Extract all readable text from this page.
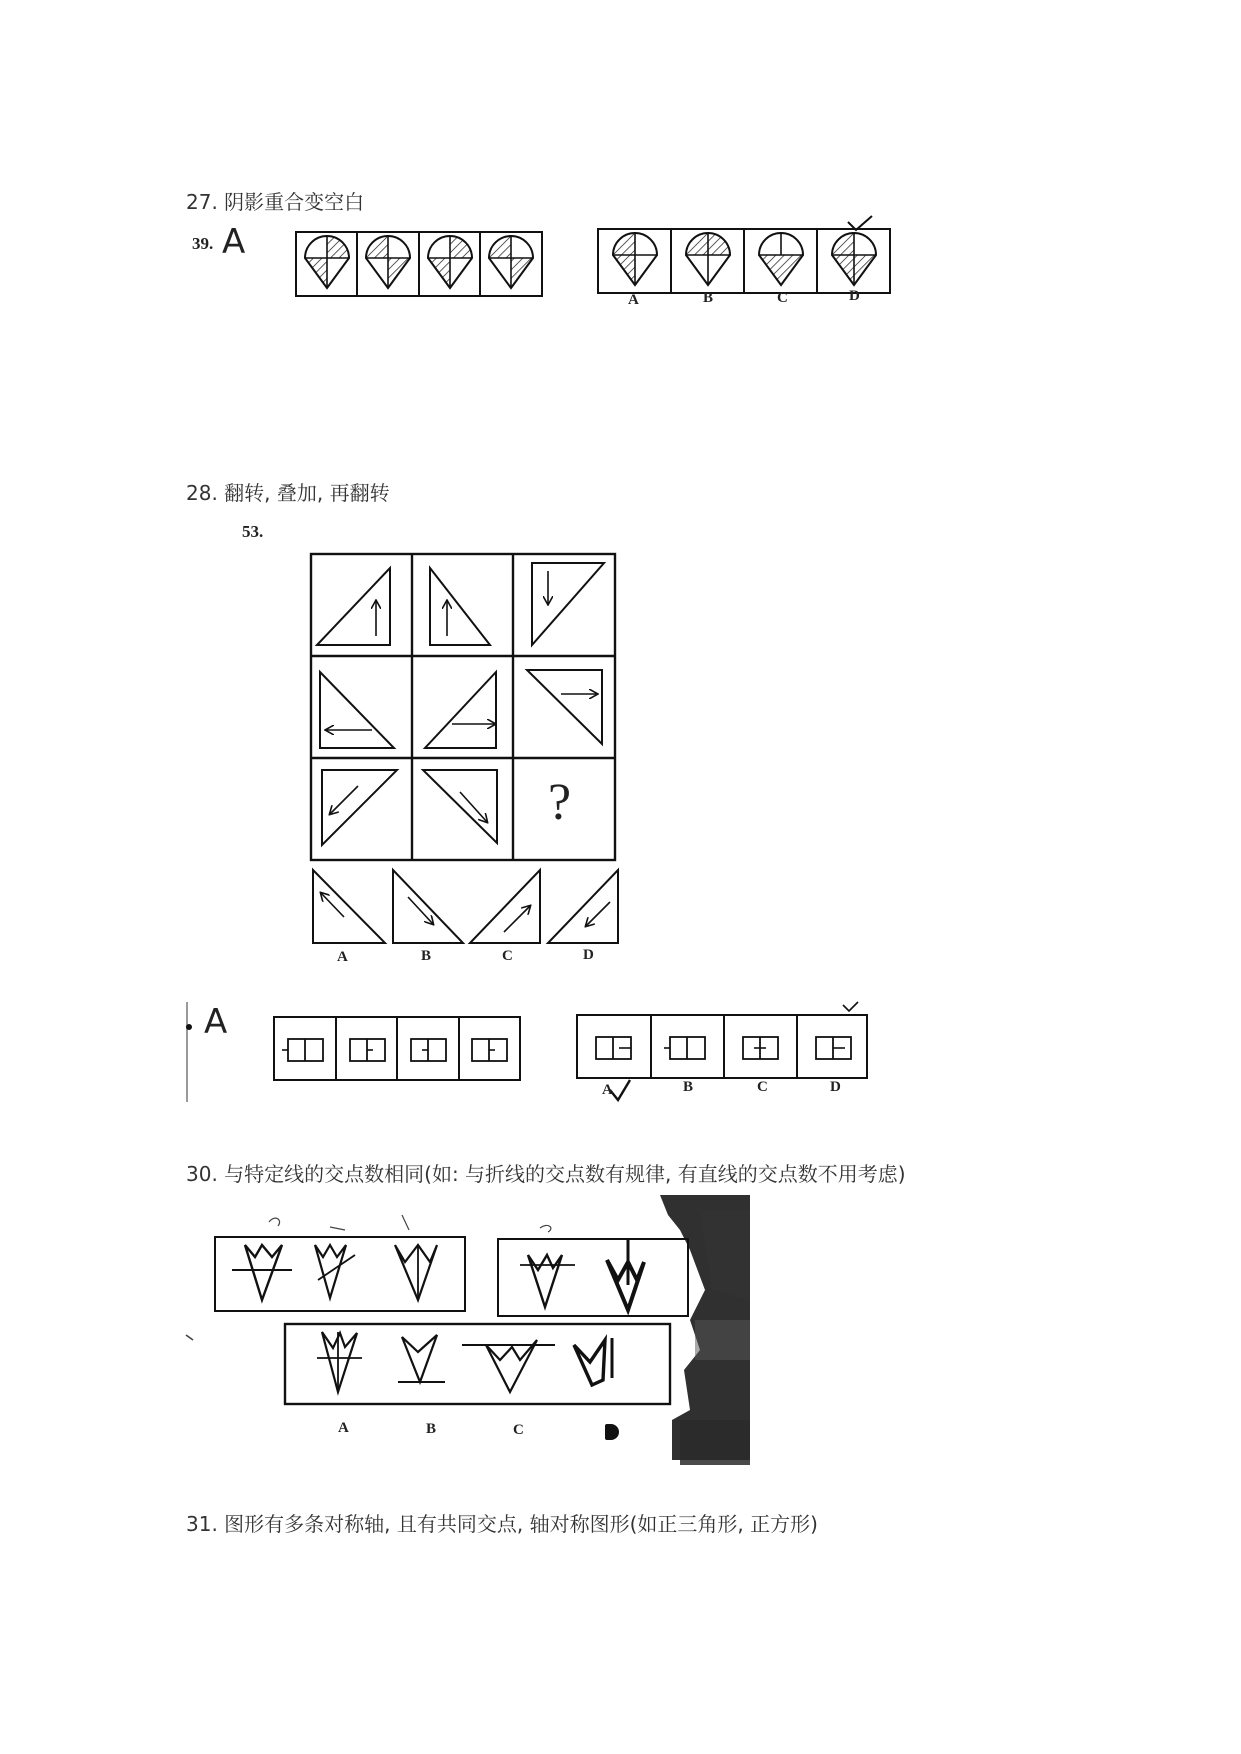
27. 阴影重合变空白
39. A
A	B	C	D
28. 翻转, 叠加, 再翻转
53.
?
A	B	C	D
A
A	B	C	D
30. 与特定线的交点数相同(如: 与折线的交点数有规律, 有直线的交点数不用考虑)
A	B	C
31. 图形有多条对称轴, 且有共同交点, 轴对称图形(如正三角形, 正方形)
